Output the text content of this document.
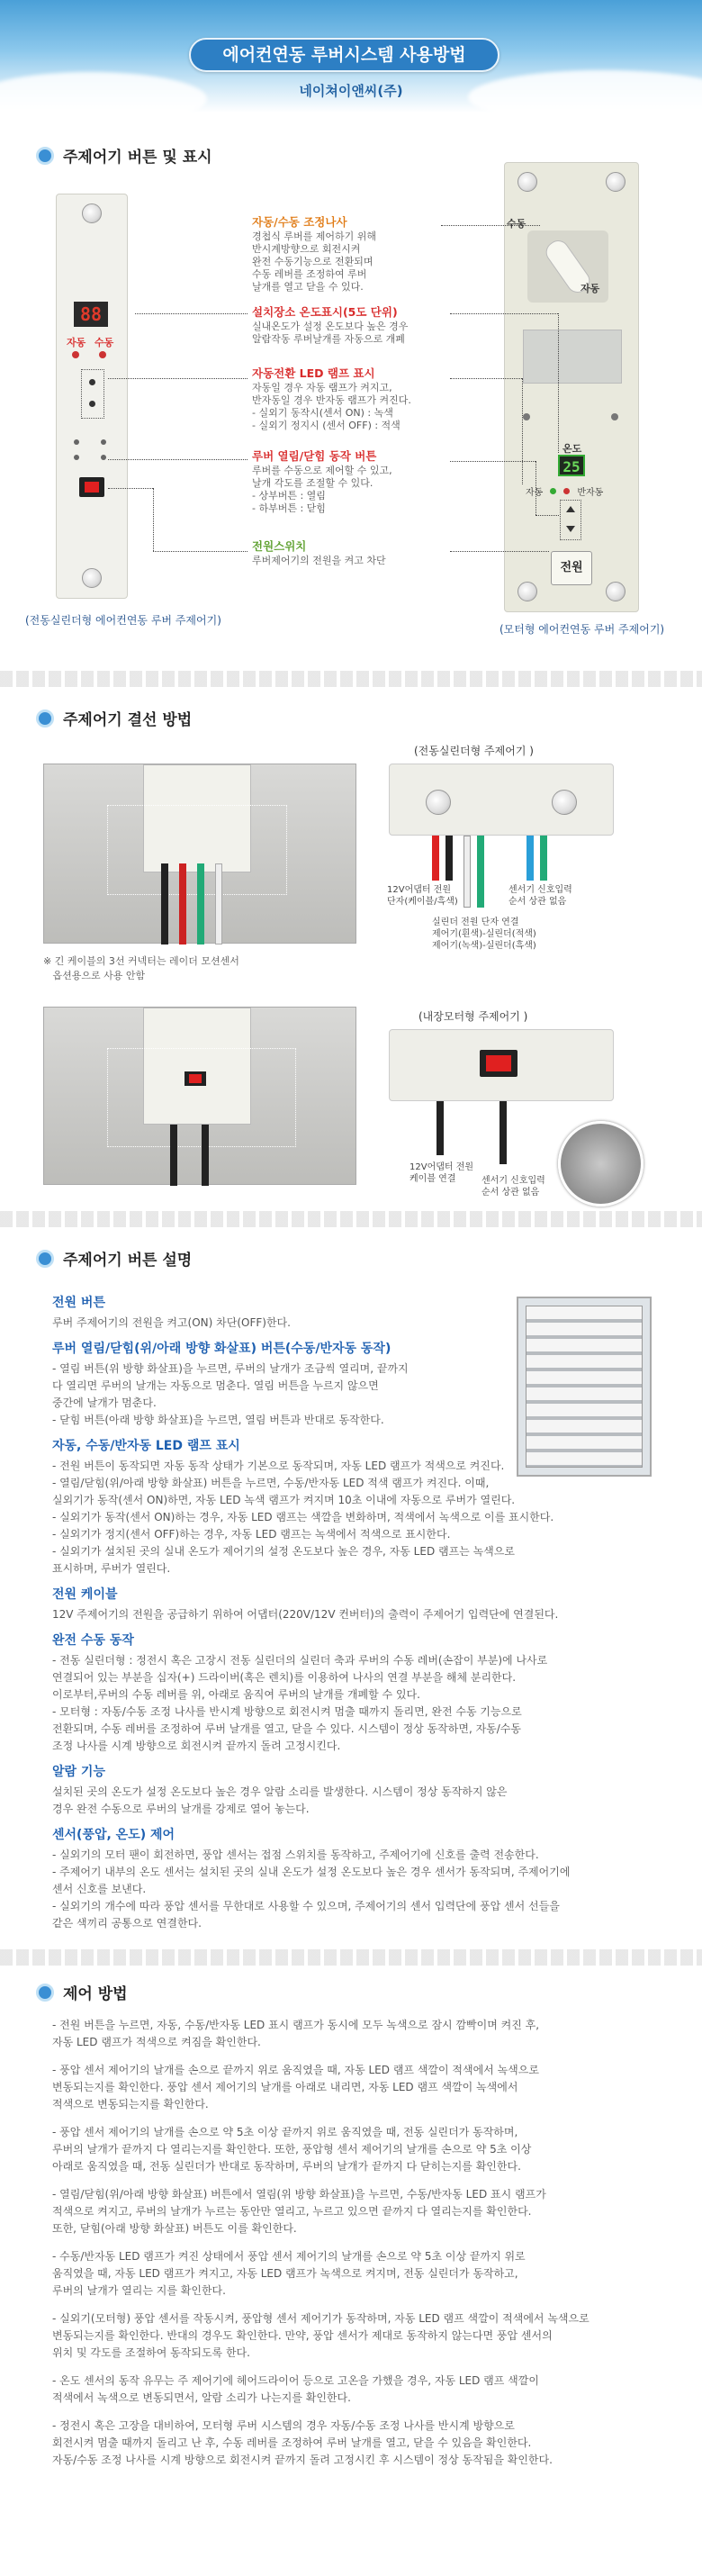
에어컨연동 루버시스템 사용방법
네이쳐이앤씨(주)
주제어기 버튼 및 표시
88
자동 수동
(전동실린더형 에어컨연동 루버 주제어기)
수동
자동
온도
25
자동	반자동
전원
(모터형 에어컨연동 루버 주제어기)
자동/수동 조정나사
경첩식 루버를 제어하기 위해
반시계방향으로 회전시켜
완전 수동기능으로 전환되며
수동 레버를 조정하여 루버
날개를 열고 닫을 수 있다.
설치장소 온도표시(5도 단위)
실내온도가 설정 온도보다 높은 경우
알람작동 루버날개를 자동으로 개폐
자동전환 LED 램프 표시
자동일 경우 자동 램프가 켜지고,
반자동일 경우 반자동 램프가 켜진다.
- 실외기 동작시(센서 ON) : 녹색
- 실외기 정지시 (센서 OFF) : 적색
루버 열림/닫힘 동작 버튼
루버를 수동으로 제어할 수 있고,
날개 각도를 조절할 수 있다.
- 상부버튼 : 열림
- 하부버튼 : 닫힘
전원스위치
루버제어기의 전원을 켜고 차단
주제어기 결선 방법
※ 긴 케이블의 3선 커넥터는 레이더 모션센서
옵션용으로 사용 안함
(전동실린더형 주제어기 )
12V어댑터 전원
단자(케이블/흑색)
센서기 신호입력
순서 상관 없음
실린더 전원 단자 연결
제어기(흰색)-실린더(적색)
제어기(녹색)-실린더(흑색)
(내장모터형 주제어기 )
12V어댑터 전원
케이블 연결	센서기 신호입력
순서 상관 없음
주제어기 버튼 설명
전원 버튼
루버 주제어기의 전원을 켜고(ON) 차단(OFF)한다.
루버 열림/닫힘(위/아래 방향 화살표) 버튼(수동/반자동 동작)
- 열림 버튼(위 방향 화살표)을 누르면, 루버의 날개가 조금씩 열리며, 끝까지
다 열리면 루버의 날개는 자동으로 멈춘다. 열림 버튼을 누르지 않으면
중간에 날개가 멈춘다.
- 닫힘 버튼(아래 방향 화살표)을 누르면, 열림 버튼과 반대로 동작한다.
자동, 수동/반자동 LED 램프 표시
- 전원 버튼이 동작되면 자동 동작 상태가 기본으로 동작되며, 자동 LED 램프가 적색으로 켜진다.
- 열림/닫힘(위/아래 방향 화살표) 버튼을 누르면, 수동/반자동 LED 적색 램프가 켜진다. 이때,
실외기가 동작(센서 ON)하면, 자동 LED 녹색 램프가 켜지며 10초 이내에 자동으로 루버가 열린다.
- 실외기가 동작(센서 ON)하는 경우, 자동 LED 램프는 색깔을 변화하며, 적색에서 녹색으로 이를 표시한다.
- 실외기가 정지(센서 OFF)하는 경우, 자동 LED 램프는 녹색에서 적색으로 표시한다.
- 실외기가 설치된 곳의 실내 온도가 제어기의 설정 온도보다 높은 경우, 자동 LED 램프는 녹색으로
표시하며, 루버가 열린다.
전원 케이블
12V 주제어기의 전원을 공급하기 위하여 어댑터(220V/12V 컨버터)의 출력이 주제어기 입력단에 연결된다.
완전 수동 동작
- 전동 실린더형 : 정전시 혹은 고장시 전동 실린더의 실린더 축과 루버의 수동 레버(손잡이 부분)에 나사로
연결되어 있는 부분을 십자(+) 드라이버(혹은 렌치)를 이용하여 나사의 연결 부분을 해체 분리한다.
이로부터,루버의 수동 레버를 위, 아래로 움직여 루버의 날개를 개폐할 수 있다.
- 모터형 : 자동/수동 조정 나사를 반시계 방향으로 회전시켜 멈출 때까지 돌리면, 완전 수동 기능으로
전환되며, 수동 레버를 조정하여 루버 날개를 열고, 닫을 수 있다. 시스템이 정상 동작하면, 자동/수동
조정 나사를 시계 방향으로 회전시켜 끝까지 돌려 고정시킨다.
알람 기능
설치된 곳의 온도가 설정 온도보다 높은 경우 알람 소리를 발생한다. 시스템이 정상 동작하지 않은
경우 완전 수동으로 루버의 날개를 강제로 열어 놓는다.
센서(풍압, 온도) 제어
- 실외기의 모터 팬이 회전하면, 풍압 센서는 접점 스위치를 동작하고, 주제어기에 신호를 출력 전송한다.
- 주제어기 내부의 온도 센서는 설치된 곳의 실내 온도가 설정 온도보다 높은 경우 센서가 동작되며, 주제어기에
센서 신호를 보낸다.
- 실외기의 개수에 따라 풍압 센서를 무한대로 사용할 수 있으며, 주제어기의 센서 입력단에 풍압 센서 선들을
같은 색끼리 공통으로 연결한다.
제어 방법
- 전원 버튼을 누르면, 자동, 수동/반자동 LED 표시 램프가 동시에 모두 녹색으로 잠시 깜빡이며 켜진 후,
자동 LED 램프가 적색으로 켜짐을 확인한다.
- 풍압 센서 제어기의 날개를 손으로 끝까지 위로 움직였을 때, 자동 LED 램프 색깔이 적색에서 녹색으로
변동되는지를 확인한다. 풍압 센서 제어기의 날개를 아래로 내리면, 자동 LED 램프 색깔이 녹색에서
적색으로 변동되는지를 확인한다.
- 풍압 센서 제어기의 날개를 손으로 약 5초 이상 끝까지 위로 움직였을 때, 전동 실린더가 동작하며,
루버의 날개가 끝까지 다 열리는지를 확인한다. 또한, 풍압형 센서 제어기의 날개를 손으로 약 5초 이상
아래로 움직였을 때, 전동 실린더가 반대로 동작하며, 루버의 날개가 끝까지 다 닫히는지를 확인한다.
- 열림/닫힘(위/아래 방향 화살표) 버튼에서 열림(위 방향 화살표)을 누르면, 수동/반자동 LED 표시 램프가
적색으로 켜지고, 루버의 날개가 누르는 동안만 열리고, 누르고 있으면 끝까지 다 열리는지를 확인한다.
또한, 닫힘(아래 방향 화살표) 버튼도 이를 확인한다.
- 수동/반자동 LED 램프가 켜진 상태에서 풍압 센서 제어기의 날개를 손으로 약 5초 이상 끝까지 위로
움직였을 때, 자동 LED 램프가 켜지고, 자동 LED 램프가 녹색으로 켜지며, 전동 실린더가 동작하고,
루버의 날개가 열리는 지를 확인한다.
- 실외기(모터형) 풍압 센서를 작동시켜, 풍압형 센서 제어기가 동작하며, 자동 LED 램프 색깔이 적색에서 녹색으로
변동되는지를 확인한다. 반대의 경우도 확인한다. 만약, 풍압 센서가 제대로 동작하지 않는다면 풍압 센서의
위치 및 각도를 조절하여 동작되도록 한다.
- 온도 센서의 동작 유무는 주 제어기에 헤어드라이어 등으로 고온을 가했을 경우, 자동 LED 램프 색깔이
적색에서 녹색으로 변동되면서, 알람 소리가 나는지를 확인한다.
- 정전시 혹은 고장을 대비하여, 모터형 루버 시스템의 경우 자동/수동 조정 나사를 반시계 방향으로
회전시켜 멈출 때까지 돌리고 난 후, 수동 레버를 조정하여 루버 날개를 열고, 닫을 수 있음을 확인한다.
자동/수동 조정 나사를 시계 방향으로 회전시켜 끝까지 돌려 고정시킨 후 시스템이 정상 동작됨을 확인한다.
